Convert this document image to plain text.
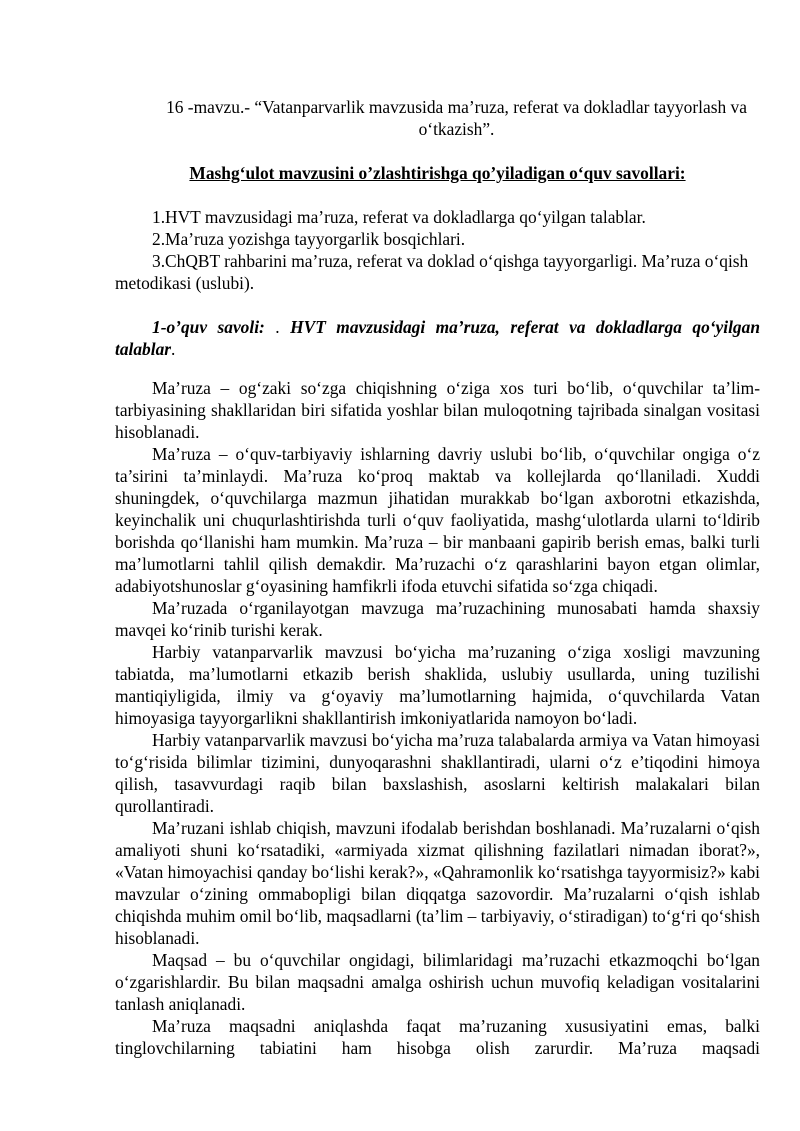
16 -mavzu.- “Vatanparvarlik mavzusida ma’ruza, referat va dokladlar tayyorlash va o‘tkazish”.

Mashg‘ulot mavzusini o’zlashtirishga qo’yiladigan o‘quv savollari:

1.HVT mavzusidagi ma’ruza, referat va dokladlarga qo‘yilgan talablar.

2.Ma’ruza yozishga tayyorgarlik bosqichlari.

3.ChQBT rahbarini ma’ruza, referat va doklad o‘qishga tayyorgarligi. Ma’ruza o‘qish metodikasi (uslubi).

1-o’quv savoli: . HVT mavzusidagi ma’ruza, referat va dokladlarga qo‘yilgan talablar.

Ma’ruza – og‘zaki so‘zga chiqishning o‘ziga xos turi bo‘lib, o‘quvchilar ta’lim-tarbiyasining shakllaridan biri sifatida yoshlar bilan muloqotning tajribada sinalgan vositasi hisoblanadi.

Ma’ruza – o‘quv-tarbiyaviy ishlarning davriy uslubi bo‘lib, o‘quvchilar ongiga o‘z ta’sirini ta’minlaydi. Ma’ruza ko‘proq maktab va kollejlarda qo‘llaniladi. Xuddi shuningdek, o‘quvchilarga mazmun jihatidan murakkab bo‘lgan axborotni etkazishda, keyinchalik uni chuqurlashtirishda turli o‘quv faoliyatida, mashg‘ulotlarda ularni to‘ldirib borishda qo‘llanishi ham mumkin. Ma’ruza – bir manbaani gapirib berish emas, balki turli ma’lumotlarni tahlil qilish demakdir. Ma’ruzachi o‘z qarashlarini bayon etgan olimlar, adabiyotshunoslar g‘oyasining hamfikrli ifoda etuvchi sifatida so‘zga chiqadi.

Ma’ruzada o‘rganilayotgan mavzuga ma’ruzachining munosabati hamda shaxsiy mavqei ko‘rinib turishi kerak.

Harbiy vatanparvarlik mavzusi bo‘yicha ma’ruzaning o‘ziga xosligi mavzuning tabiatda, ma’lumotlarni etkazib berish shaklida, uslubiy usullarda, uning tuzilishi mantiqiyligida, ilmiy va g‘oyaviy ma’lumotlarning hajmida, o‘quvchilarda Vatan himoyasiga tayyorgarlikni shakllantirish imkoniyatlarida namoyon bo‘ladi.

Harbiy vatanparvarlik mavzusi bo‘yicha ma’ruza talabalarda armiya va Vatan himoyasi to‘g‘risida bilimlar tizimini, dunyoqarashni shakllantiradi, ularni o‘z e’tiqodini himoya qilish, tasavvurdagi raqib bilan baxslashish, asoslarni keltirish malakalari bilan qurollantiradi.

Ma’ruzani ishlab chiqish, mavzuni ifodalab berishdan boshlanadi. Ma’ruzalarni o‘qish amaliyoti shuni ko‘rsatadiki, «armiyada xizmat qilishning fazilatlari nimadan iborat?», «Vatan himoyachisi qanday bo‘lishi kerak?», «Qahramonlik ko‘rsatishga tayyormisiz?» kabi mavzular o‘zining ommabopligi bilan diqqatga sazovordir. Ma’ruzalarni o‘qish ishlab chiqishda muhim omil bo‘lib, maqsadlarni (ta’lim – tarbiyaviy, o‘stiradigan) to‘g‘ri qo‘shish hisoblanadi.

Maqsad – bu o‘quvchilar ongidagi, bilimlaridagi ma’ruzachi etkazmoqchi bo‘lgan o‘zgarishlardir. Bu bilan maqsadni amalga oshirish uchun muvofiq keladigan vositalarini tanlash aniqlanadi.

Ma’ruza maqsadni aniqlashda faqat ma’ruzaning xususiyatini emas, balki tinglovchilarning tabiatini ham hisobga olish zarurdir. Ma’ruza maqsadi
